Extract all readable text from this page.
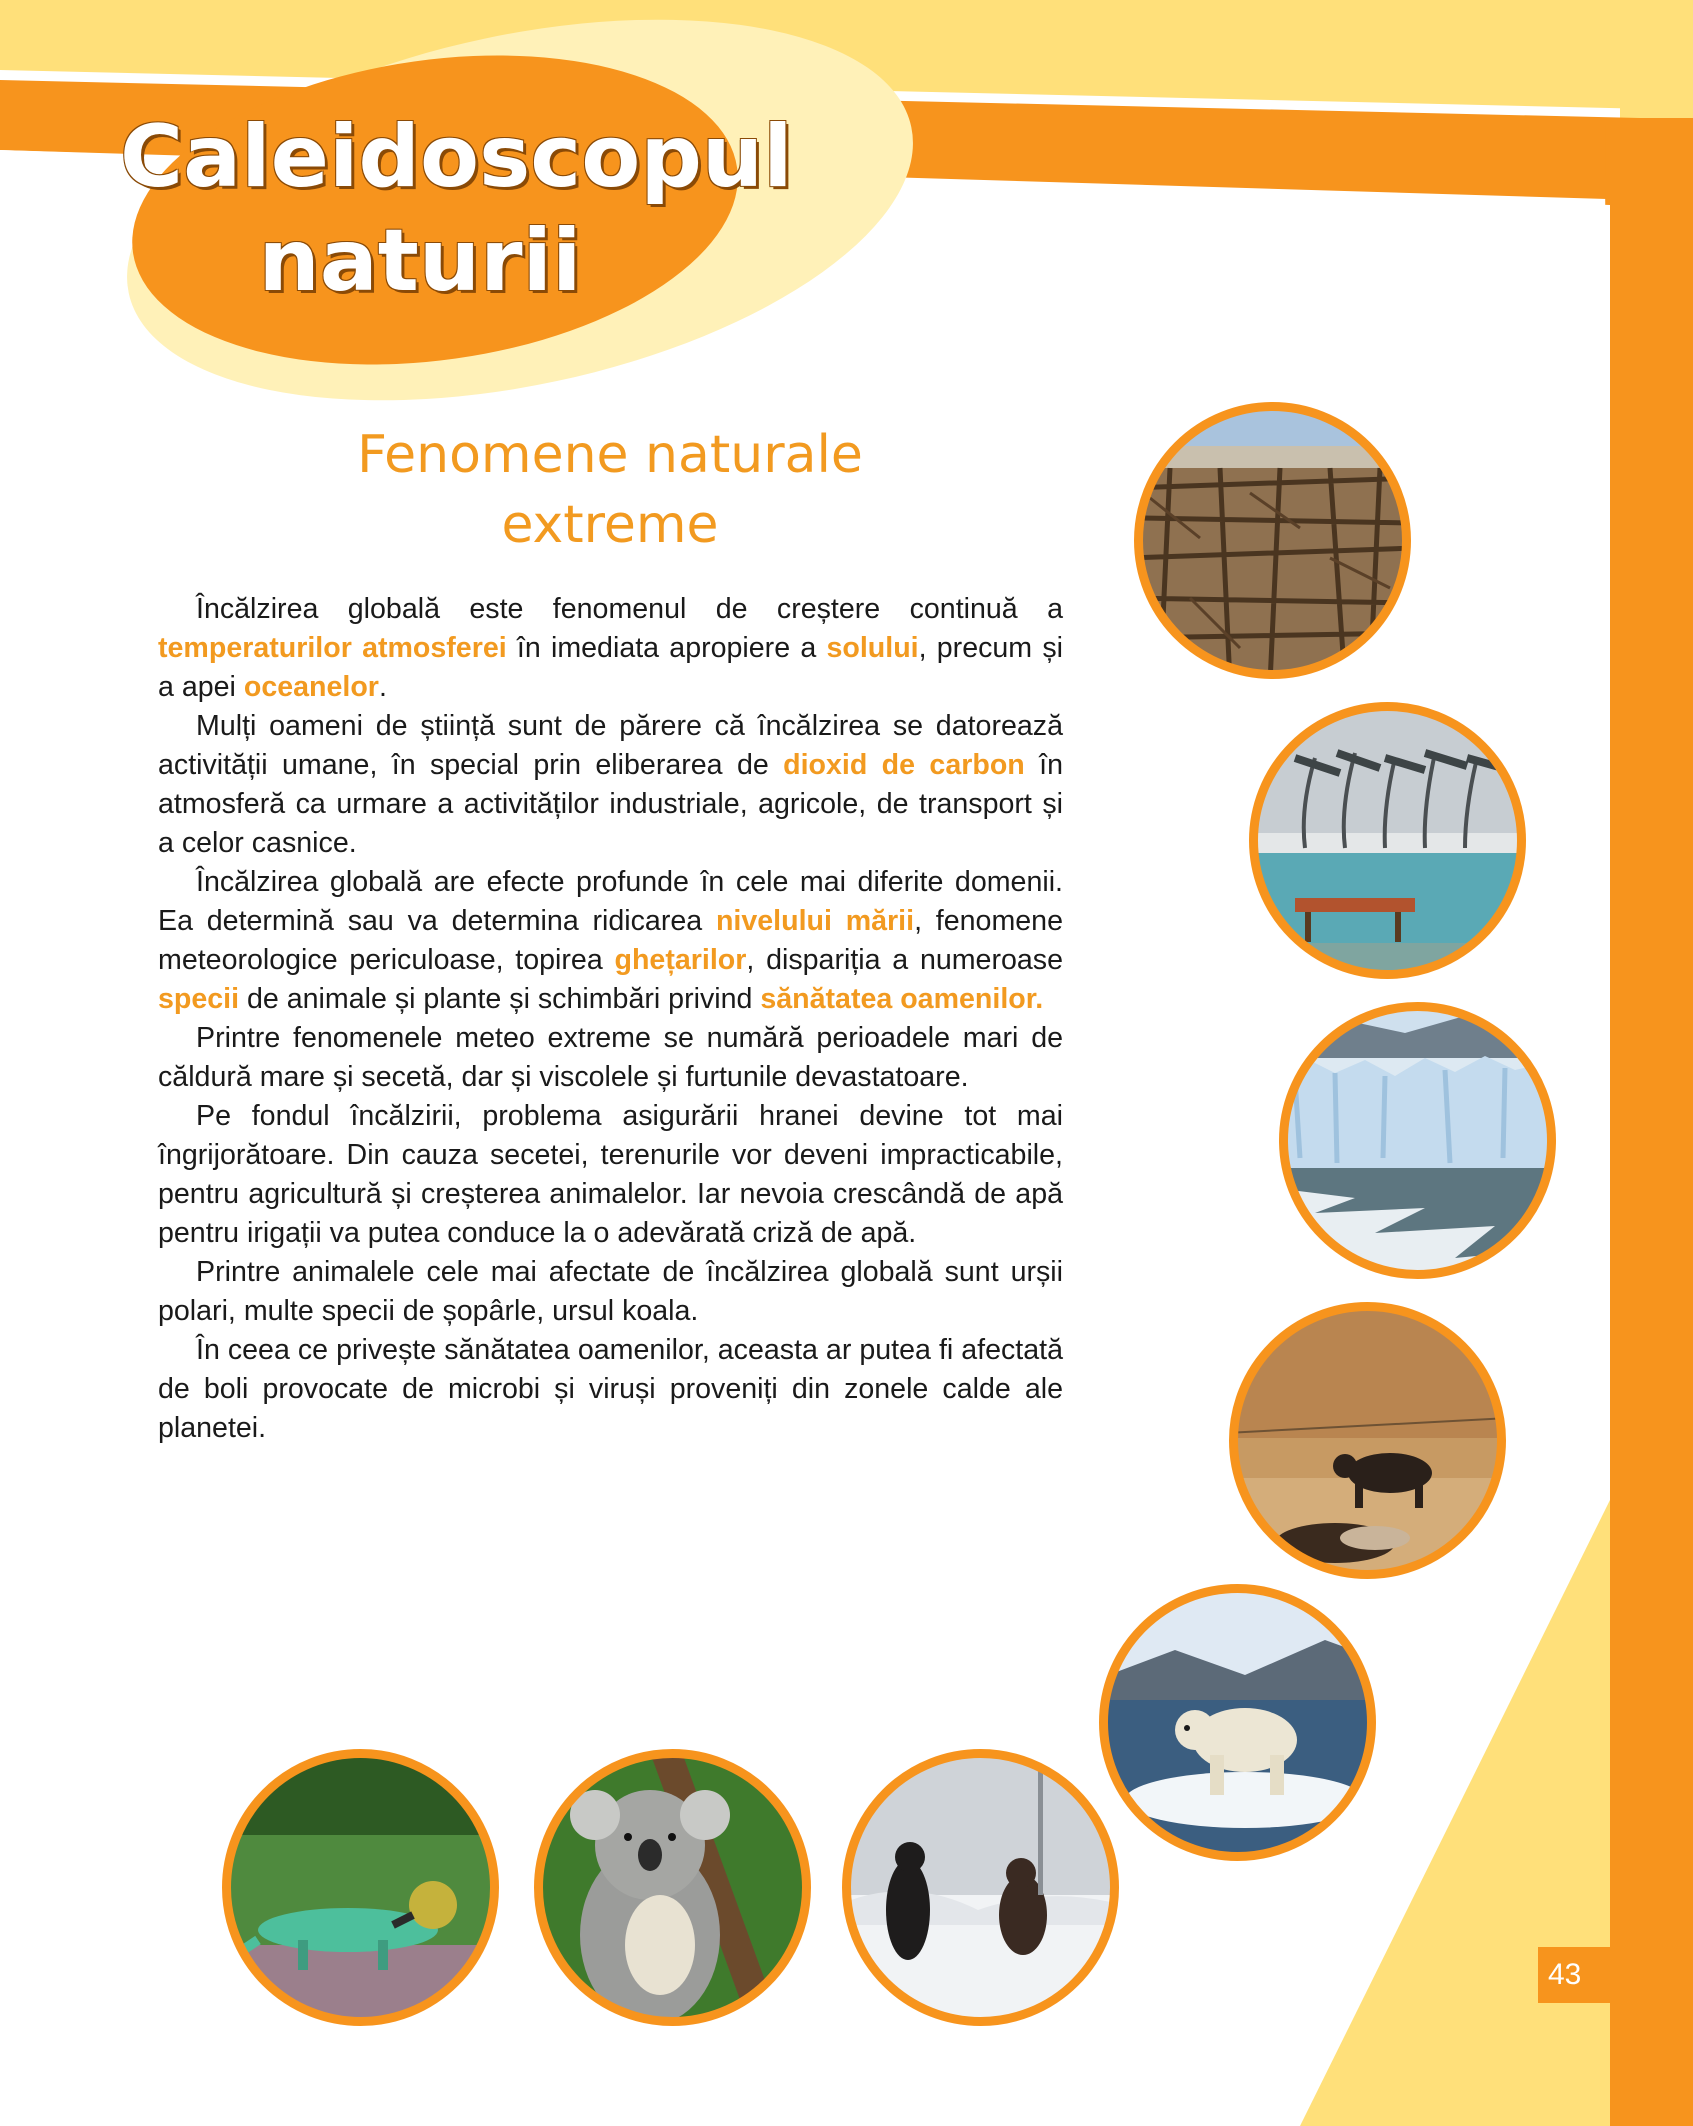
Caleidoscopul
naturii
Fenomene naturale
extreme

Încălzirea globală este fenomenul de creștere continuă a temperaturilor atmosferei în imediata apropiere a solului, precum și a apei oceanelor.

Mulți oameni de știință sunt de părere că încălzirea se datorează activității umane, în special prin eliberarea de dioxid de carbon în atmosferă ca urmare a activităților industriale, agricole, de transport și a celor casnice.

Încălzirea globală are efecte profunde în cele mai diferite domenii. Ea determină sau va determina ridicarea nivelului mării, fenomene meteorologice periculoase, topirea ghețarilor, dispariția a numeroase specii de animale și plante și schimbări privind sănătatea oamenilor.

Printre fenomenele meteo extreme se numără perioadele mari de căldură mare și secetă, dar și viscolele și furtunile devastatoare.

Pe fondul încălzirii, problema asigurării hranei devine tot mai îngrijorătoare. Din cauza secetei, terenurile vor deveni impracticabile, pentru agricultură și creșterea animalelor. Iar nevoia crescândă de apă pentru irigații va putea conduce la o adevărată criză de apă.

Printre animalele cele mai afectate de încălzirea globală sunt urșii polari, multe specii de șopârle, ursul koala.

În ceea ce privește sănătatea oamenilor, aceasta ar putea fi afectată de boli provocate de microbi și viruși proveniți din zonele calde ale planetei.

43
